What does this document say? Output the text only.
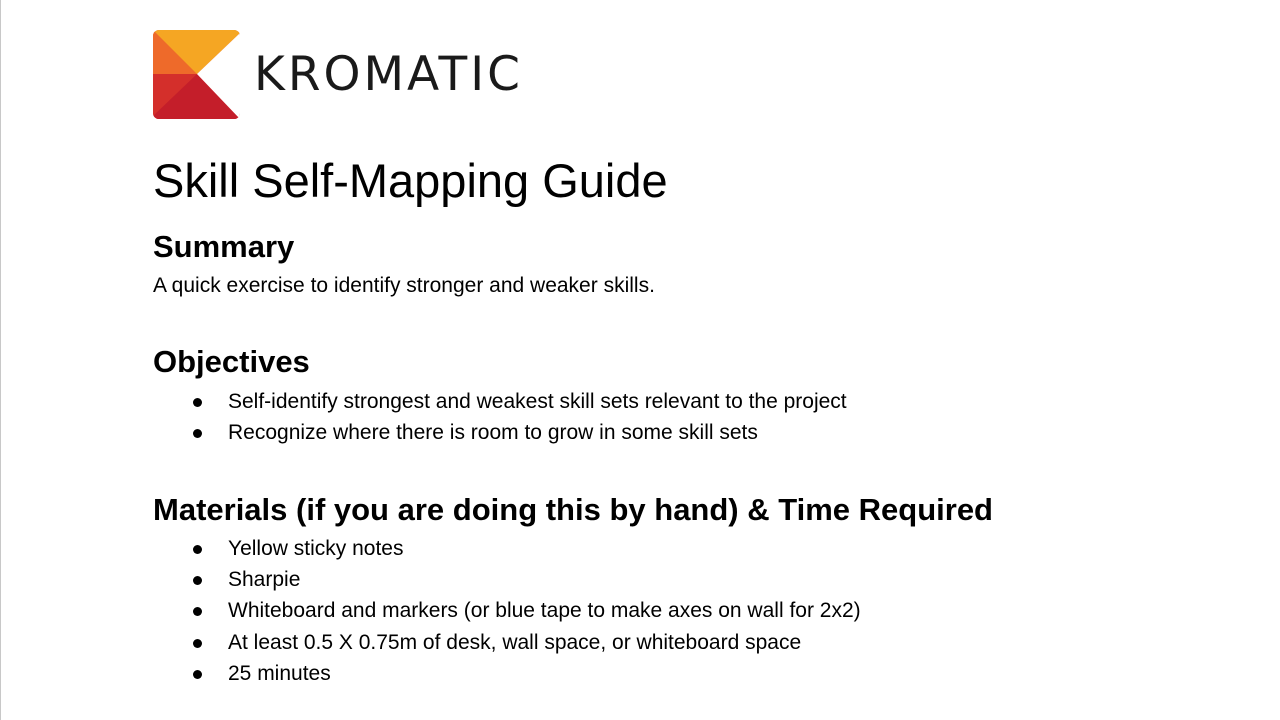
KROMATIC
Skill Self-Mapping Guide
Summary

A quick exercise to identify stronger and weaker skills.

Objectives
Self-identify strongest and weakest skill sets relevant to the project
Recognize where there is room to grow in some skill sets
Materials (if you are doing this by hand) & Time Required
Yellow sticky notes
Sharpie
Whiteboard and markers (or blue tape to make axes on wall for 2x2)
At least 0.5 X 0.75m of desk, wall space, or whiteboard space
25 minutes
